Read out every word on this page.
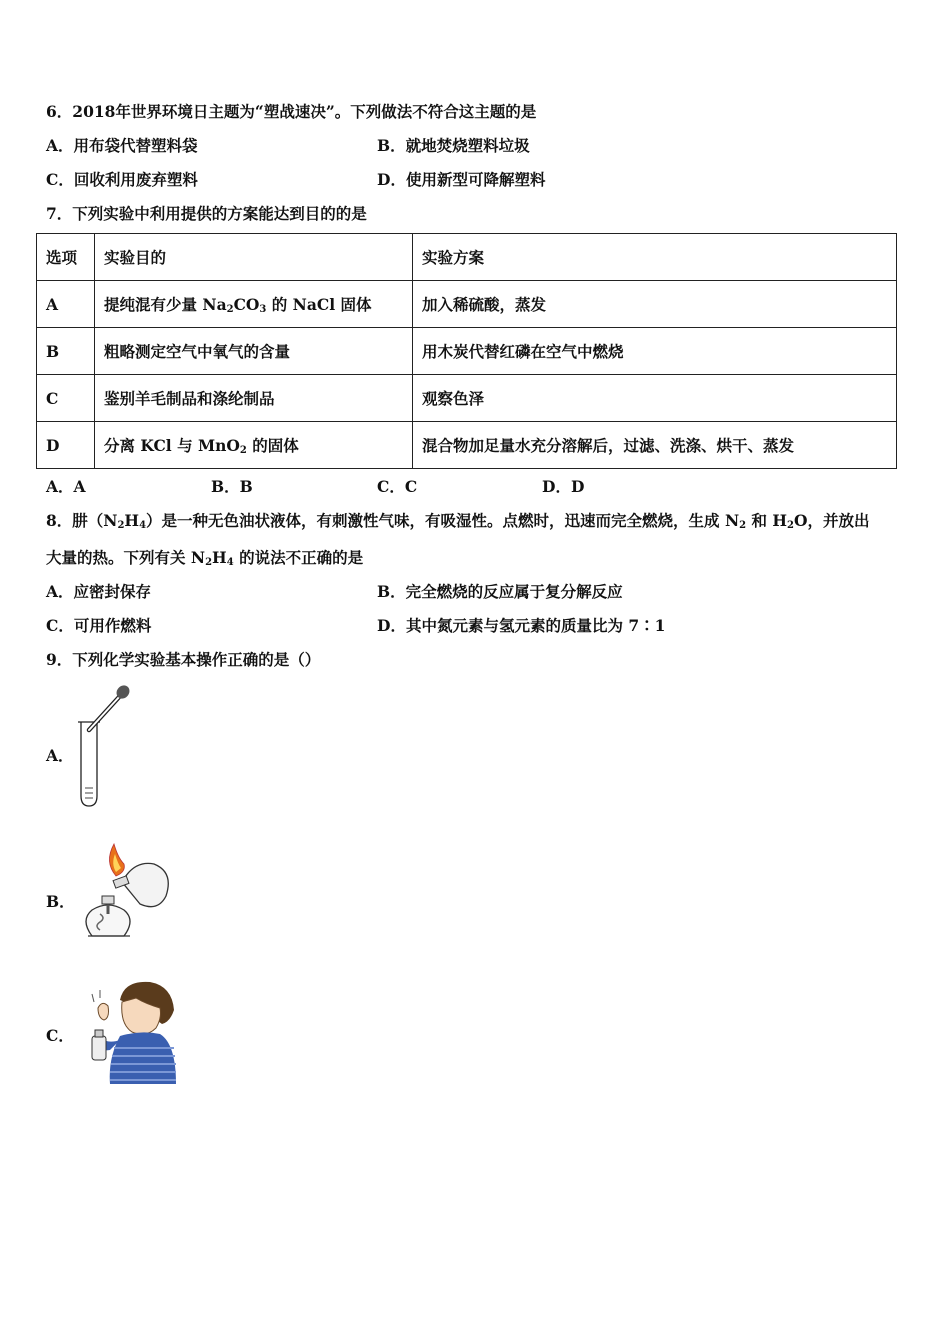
6．2018年世界环境日主题为“塑战速决”。下列做法不符合这主题的是
A．用布袋代替塑料袋	B．就地焚烧塑料垃圾
C．回收利用废弃塑料	D．使用新型可降解塑料
7．下列实验中利用提供的方案能达到目的的是
选项	实验目的	实验方案
A	提纯混有少量 $Na_2CO_3$ 的 NaCl 固体	加入稀硫酸，蒸发
B	粗略测定空气中氧气的含量	用木炭代替红磷在空气中燃烧
C	鉴别羊毛制品和涤纶制品	观察色泽
D	分离 KCl 与 MnO$_2$ 的固体	混合物加足量水充分溶解后，过滤、洗涤、烘干、蒸发
A．A	B．B	C．C	D．D
8．肼$(N_2H_4)$是一种无色油状液体，有刺激性气味，有吸湿性。点燃时，迅速而完全燃烧，生成 $N_2$ 和 $H_2O$，并放出
大量的热。下列有关 $N_2H_4$ 的说法不正确的是
A．应密封保存	B．完全燃烧的反应属于复分解反应
C．可用作燃料	D．其中氮元素与氢元素的质量比为 7∶1
9．下列化学实验基本操作正确的是（）
A．
B．
C．
